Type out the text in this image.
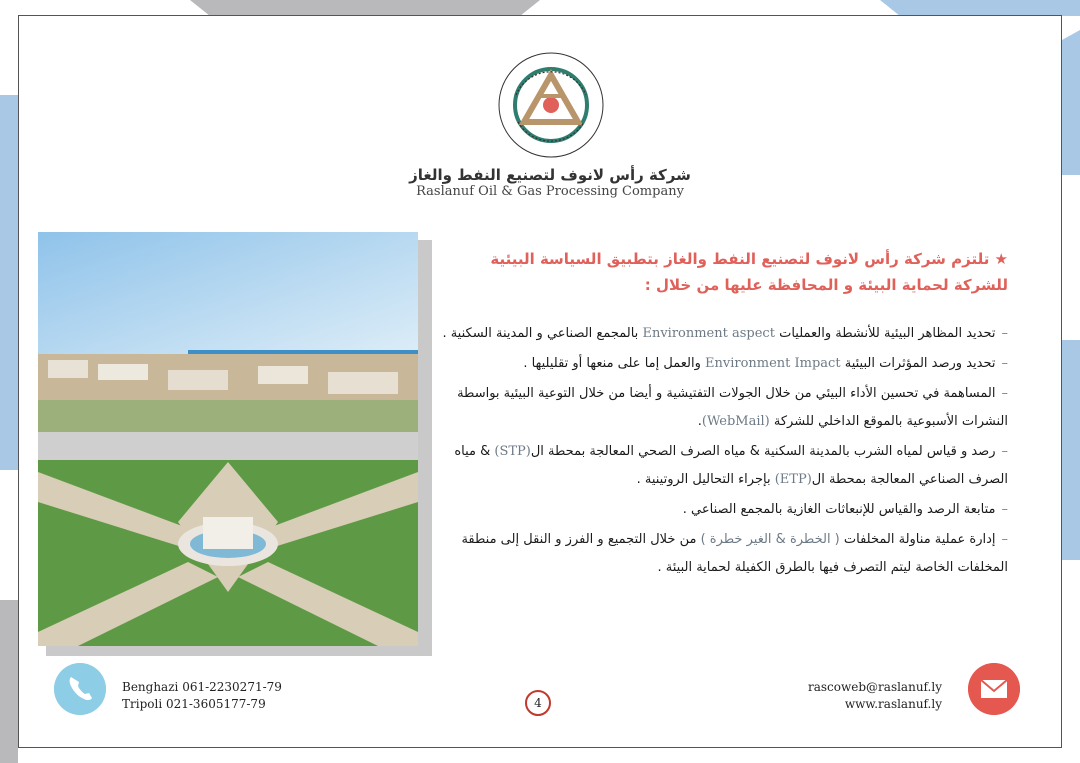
شركة رأس لانوف لتصنيع النفط والغاز
Raslanuf Oil & Gas Processing Company

★ تلتزم شركة رأس لانوف لتصنيع النفط والغاز بتطبيق السياسة البيئية للشركة لحماية البيئة و المحافظة عليها من خلال :

–تحديد المظاهر البيئية للأنشطة والعمليات Environment aspect بالمجمع الصناعي و المدينة السكنية .

–تحديد ورصد المؤثرات البيئية Environment Impact والعمل إما على منعها أو تقليليها .

–المساهمة في تحسين الأداء البيئي من خلال الجولات التفتيشية و أيضا من خلال التوعية البيئية بواسطة النشرات الأسبوعية بالموقع الداخلي للشركة (WebMail).

–رصد و قياس لمياه الشرب بالمدينة السكنية & مياه الصرف الصحي المعالجة بمحطة ال(STP) & مياه الصرف الصناعي المعالجة بمحطة ال(ETP) بإجراء التحاليل الروتينية .

–متابعة الرصد والقياس للإنبعاثات الغازية بالمجمع الصناعي .

–إدارة عملية مناولة المخلفات ( الخطرة & الغير خطرة ) من خلال التجميع و الفرز و النقل إلى منطقة المخلفات الخاصة ليتم التصرف فيها بالطرق الكفيلة لحماية البيئة .

Benghazi 061-2230271-79
Tripoli 021-3605177-79	4
rascoweb@raslanuf.ly
www.raslanuf.ly
